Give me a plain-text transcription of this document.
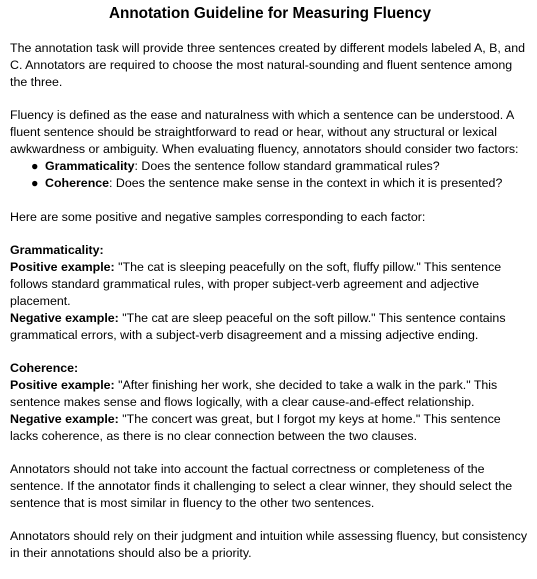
Annotation Guideline for Measuring Fluency

The annotation task will provide three sentences created by different models labeled A, B, and C. Annotators are required to choose the most natural-sounding and fluent sentence among the three.

Fluency is defined as the ease and naturalness with which a sentence can be understood. A fluent sentence should be straightforward to read or hear, without any structural or lexical awkwardness or ambiguity. When evaluating fluency, annotators should consider two factors:

● Grammaticality: Does the sentence follow standard grammatical rules?
● Coherence: Does the sentence make sense in the context in which it is presented?

Here are some positive and negative samples corresponding to each factor:

Grammaticality:

Positive example: "The cat is sleeping peacefully on the soft, fluffy pillow." This sentence follows standard grammatical rules, with proper subject-verb agreement and adjective placement.

Negative example: "The cat are sleep peaceful on the soft pillow." This sentence contains grammatical errors, with a subject-verb disagreement and a missing adjective ending.

Coherence:

Positive example: "After finishing her work, she decided to take a walk in the park." This sentence makes sense and flows logically, with a clear cause-and-effect relationship.

Negative example: "The concert was great, but I forgot my keys at home." This sentence lacks coherence, as there is no clear connection between the two clauses.

Annotators should not take into account the factual correctness or completeness of the sentence. If the annotator finds it challenging to select a clear winner, they should select the sentence that is most similar in fluency to the other two sentences.

Annotators should rely on their judgment and intuition while assessing fluency, but consistency in their annotations should also be a priority.
